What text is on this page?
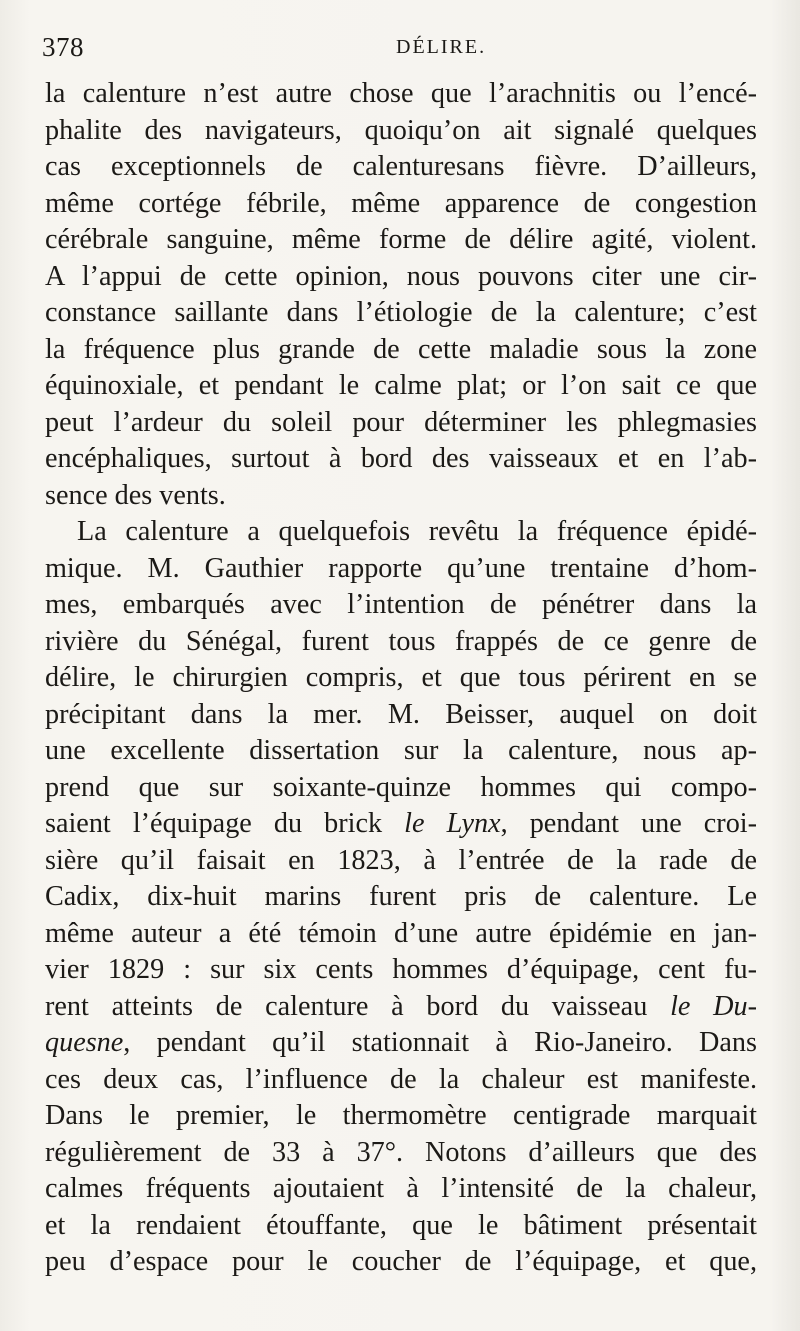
378	DÉLIRE.
la calenture n’est autre chose que l’arachnitis ou l’encé-
phalite des navigateurs, quoiqu’on ait signalé quelques
cas exceptionnels de calenturesans fièvre. D’ailleurs,
même cortége fébrile, même apparence de congestion
cérébrale sanguine, même forme de délire agité, violent.
A l’appui de cette opinion, nous pouvons citer une cir-
constance saillante dans l’étiologie de la calenture; c’est
la fréquence plus grande de cette maladie sous la zone
équinoxiale, et pendant le calme plat; or l’on sait ce que
peut l’ardeur du soleil pour déterminer les phlegmasies
encéphaliques, surtout à bord des vaisseaux et en l’ab-
sence des vents.
La calenture a quelquefois revêtu la fréquence épidé-
mique. M. Gauthier rapporte qu’une trentaine d’hom-
mes, embarqués avec l’intention de pénétrer dans la
rivière du Sénégal, furent tous frappés de ce genre de
délire, le chirurgien compris, et que tous périrent en se
précipitant dans la mer. M. Beisser, auquel on doit
une excellente dissertation sur la calenture, nous ap-
prend que sur soixante-quinze hommes qui compo-
saient l’équipage du brick le Lynx, pendant une croi-
sière qu’il faisait en 1823, à l’entrée de la rade de
Cadix, dix-huit marins furent pris de calenture. Le
même auteur a été témoin d’une autre épidémie en jan-
vier 1829 : sur six cents hommes d’équipage, cent fu-
rent atteints de calenture à bord du vaisseau le Du-
quesne, pendant qu’il stationnait à Rio-Janeiro. Dans
ces deux cas, l’influence de la chaleur est manifeste.
Dans le premier, le thermomètre centigrade marquait
régulièrement de 33 à 37°. Notons d’ailleurs que des
calmes fréquents ajoutaient à l’intensité de la chaleur,
et la rendaient étouffante, que le bâtiment présentait
peu d’espace pour le coucher de l’équipage, et que,
